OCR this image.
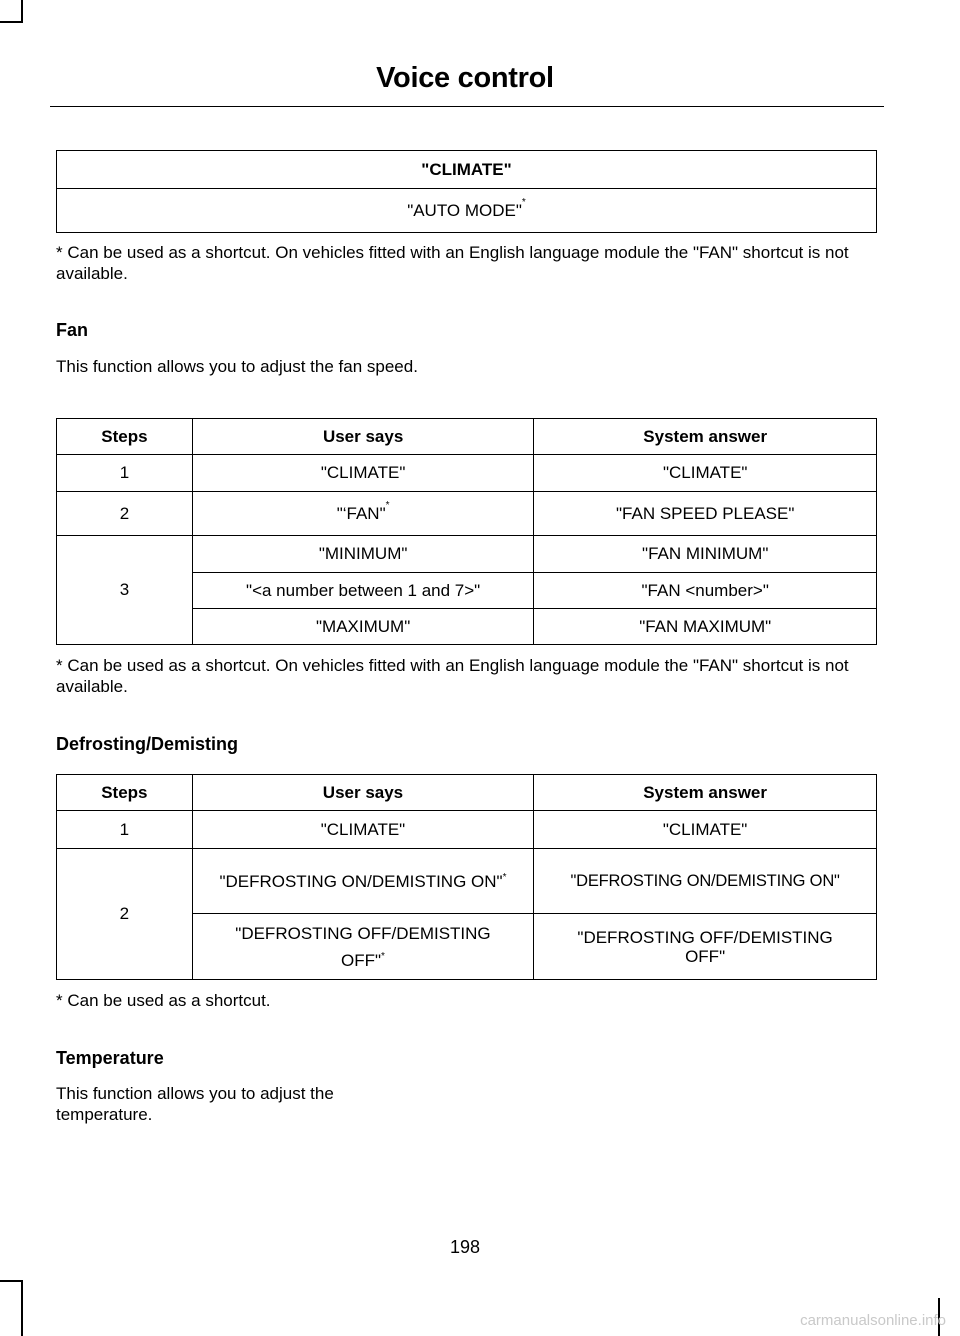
Voice control
"CLIMATE"
"AUTO MODE"*

* Can be used as a shortcut. On vehicles fitted with an English language module the "FAN" shortcut is not available.

Fan

This function allows you to adjust the fan speed.

Steps	User says	System answer
1	"CLIMATE"	"CLIMATE"
2	"‘FAN"*	"FAN SPEED PLEASE"
3	"MINIMUM"	"FAN MINIMUM"
	"<a number between 1 and 7>"	"FAN <number>"
	"MAXIMUM"	"FAN MAXIMUM"

* Can be used as a shortcut. On vehicles fitted with an English language module the "FAN" shortcut is not available.

Defrosting/Demisting
Steps	User says	System answer
1	"CLIMATE"	"CLIMATE"
2	"DEFROSTING ON/DEMISTING ON"*	"DEFROSTING ON/DEMISTING ON"
	"DEFROSTING OFF/DEMISTING OFF"*	"DEFROSTING OFF/DEMISTING OFF"

* Can be used as a shortcut.

Temperature

This function allows you to adjust the temperature.

198
carmanualsonline.info
